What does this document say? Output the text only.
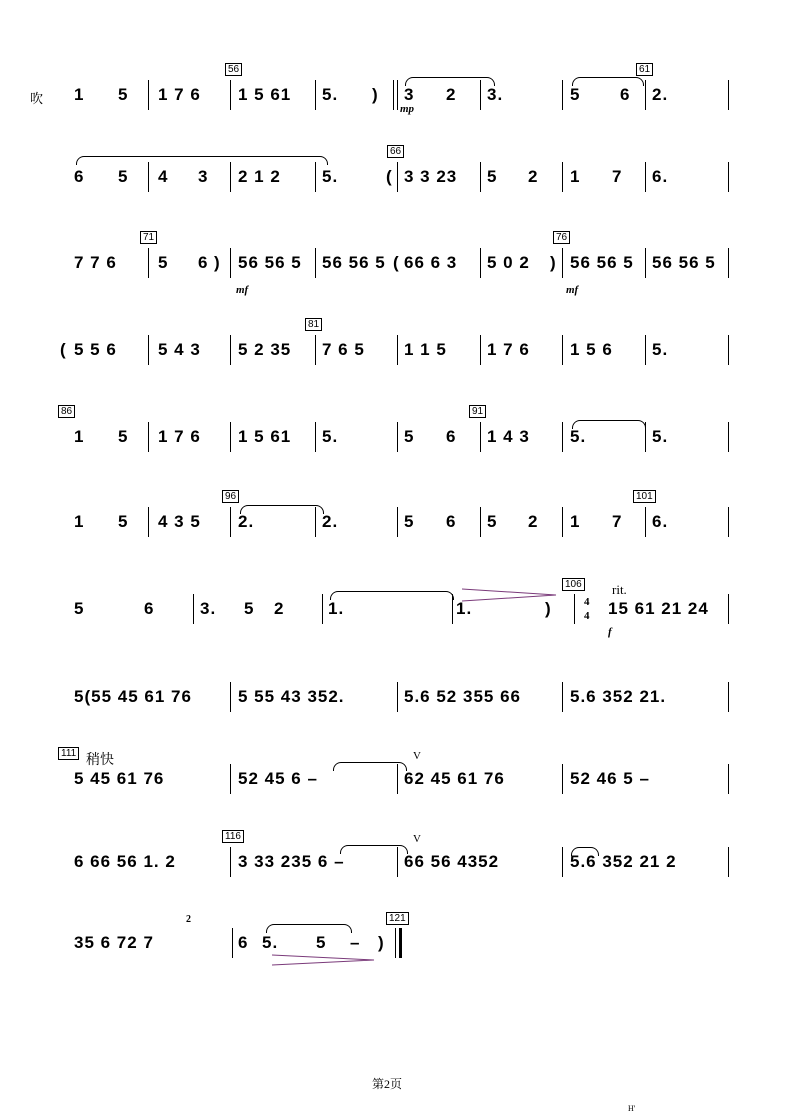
吹 1 5 1 7 6
56
1 5 61 5. ) 3
mp
2 3.	5 6
61
2.
6 5 4 3 2 1 2 5.	(
66
3 3 23 5 2 1 7 6.
7 7 6
71
5 6 ) 56 56 5
mf
56 56 5 ( 66 6 3 5 0 2 )
76
56 56 5
mf
56 56 5
( 5 5 6 5 4 3 5 2 35
81
7 6 5 1 1 5 1 7 6 1 5 6 5.
86
1 5 1 7 6 1 5 61 5.	5 6
91
1 4 3 5.	5.
1 5 4 3 5
96
2.	2.	5 6 5 2 1 7
101
6.
5	6	3. 5 2	1.	1.	)
106
4
4
rit.
15 61 21 24
f
5(55 45 61 76	5 55 43 352.	5.6 52 355 66	5.6 352 21.
111 稍快
5 45 61 76	52 45 6 –
V
62 45 61 76	52 46 5 –
6 66 56 1. 2
116
3 33 235 6 –
V
66 56 4352	5.6 352 21 2
35 6 72 7
2
6 5. 5 – )
121
第2页
H'
